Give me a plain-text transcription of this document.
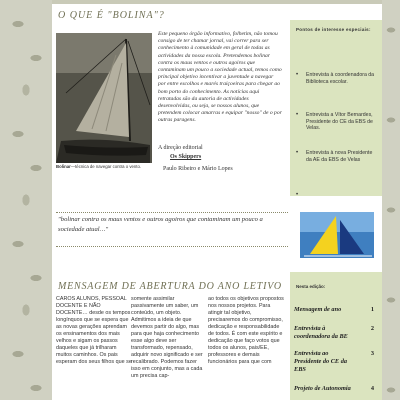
O QUE É "BOLINA"?
Bolinar—técnica de navegar contra o vento.
Este pequeno órgão informativo, folhetim, não tomou consigo de ter chamar jornal, vai correr para ser conhecimento à comunidade em geral de todas as actividades da nossa escola. Pretendemos bolinar contra os maus ventos e outros agoiros que contaminam um pouco a sociedade actual, temos como principal objetivo incentivar a juventude a navegar por entre escolhos e marés traiçoeiras para chegar ao bom porto do conhecimento. As notícias aqui retratadas são da autoria de actividades desenvolvidas, ou seja, se nossos alunos, que pretendem colocar amarras e equipar "nosso" de o por outras paragens.
A direção editorial
Os Skippers
Paulo Ribeiro e Mário Lopes
Pontos de interesse especiais:
• Entrevista à coordenadora da Biblioteca escolar.
• Entrevista a Vítor Bernardes, Presidente do CE da EBS de Velas.
• Entrevista à nova Presidente da AE da EBS de Velas
•
"bolinar contra os maus ventos e outros agoiros que contaminam um pouco a sociedade atual…"
MENSAGEM DE ABERTURA DO ANO LETIVO
CAROS ALUNOS, PESSOAL DOCENTE E NÃO DOCENTE… desde os tempos longínquos que se espera que as novas gerações aprendam os ensinamentos dos mais velhos e sigam os passos daqueles que já trilharam muitos caminhos. Os pais esperam dos seus filhos que se
somente assimilar passivamente um saber, um conteúdo, um objeto. Admitimos a ideia de que devemos partir do algo, mas para que haja conhecimento esse algo deve ser transformado, repensado, adquirir novo significado e ser recalibrado. Podemos fazer isso em conjunto, mas a cada um precisa cap-
ao todos os objetivos propostos nos nossos projetos. Para atingir tal objetivo, precisaremos do compromisso, dedicação e responsabilidade de todos. É com este espírito e dedicação que faço votos que todos os alunos, pais/EE, professores e demais funcionários para que com
Nesta edição:
Mensagem de ano	1
Entrevista à coordenadora da BE
2
Entrevista ao Presidente do CE da EBS
3
Projeto de Autonomia	4
